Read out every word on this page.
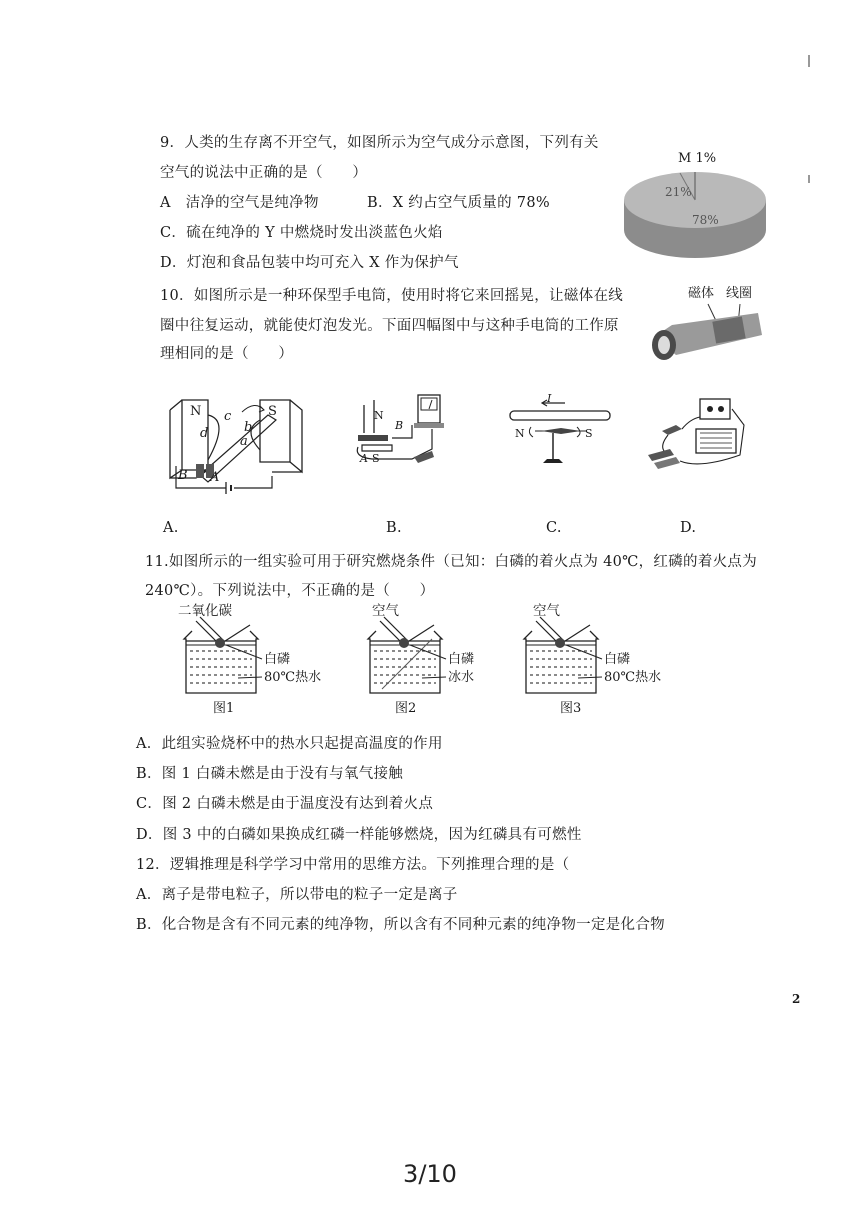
9．人类的生存离不开空气，如图所示为空气成分示意图，下列有关
空气的说法中正确的是（　　）
A　洁净的空气是纯净物	B．X 约占空气质量的 78%
C．硫在纯净的 Y 中燃烧时发出淡蓝色火焰
D．灯泡和食品包装中均可充入 X 作为保护气
M 1%
21%
78%
10．如图所示是一种环保型手电筒，使用时将它来回摇晃，让磁体在线
圈中往复运动，就能使灯泡发光。下面四幅图中与这种手电筒的工作原
理相同的是（　　）
磁体 线圈
N	S
c
b
d
a
B A
N
B
A S
I
N	S
A.	B.	C.	D.
11.如图所示的一组实验可用于研究燃烧条件（已知：白磷的着火点为 40℃，红磷的着火点为
240℃）。下列说法中，不正确的是（　　）
二氧化碳
白磷
80℃热水
图1
空气
白磷
冰水
图2
空气
白磷
80℃热水
图3
A．此组实验烧杯中的热水只起提高温度的作用
B．图 1 白磷未燃是由于没有与氧气接触
C．图 2 白磷未燃是由于温度没有达到着火点
D．图 3 中的白磷如果换成红磷一样能够燃烧，因为红磷具有可燃性
12．逻辑推理是科学学习中常用的思维方法。下列推理合理的是（
A．离子是带电粒子，所以带电的粒子一定是离子
B．化合物是含有不同元素的纯净物，所以含有不同种元素的纯净物一定是化合物
2
3/10
